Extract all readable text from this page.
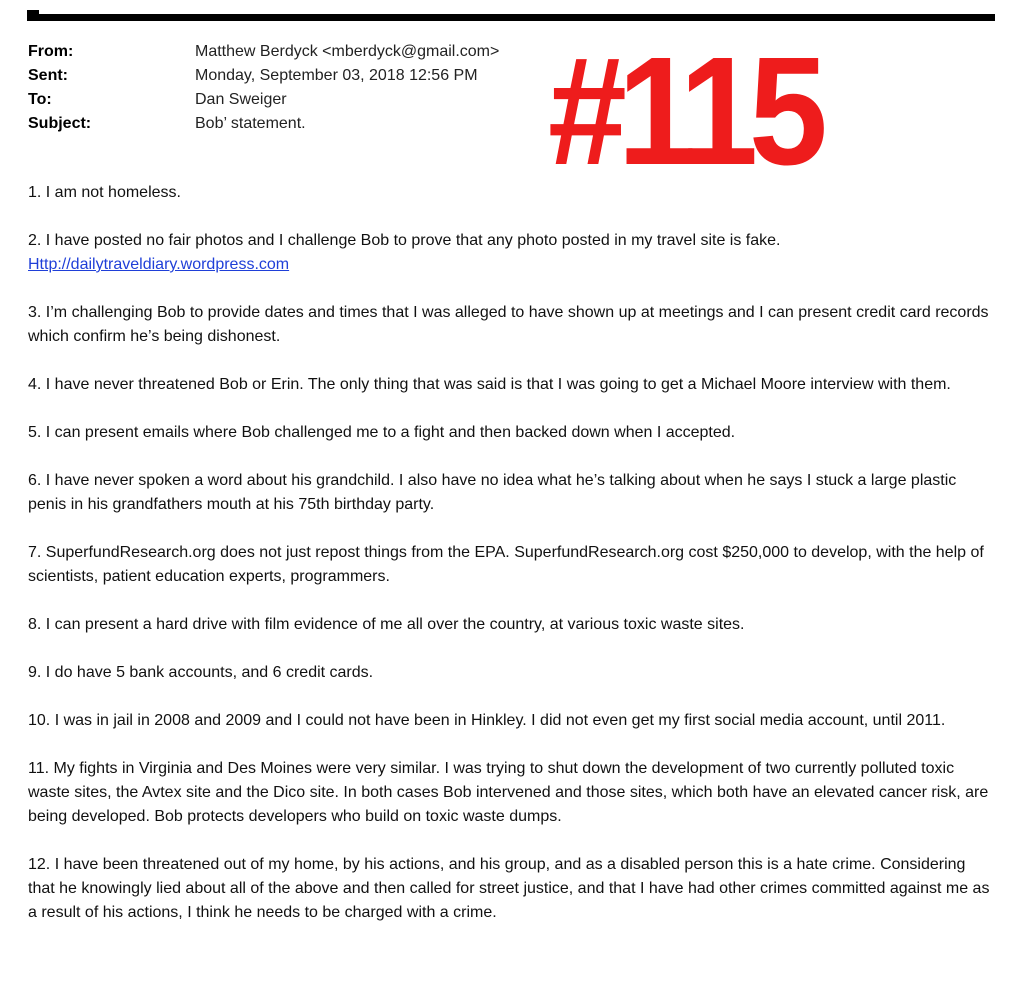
From:	Matthew Berdyck <mberdyck@gmail.com>
Sent:	Monday, September 03, 2018 12:56 PM
To:	Dan Sweiger
Subject:	Bob’ statement. #115

1. I am not homeless.

2. I have posted no fair photos and I challenge Bob to prove that any photo posted in my travel site is fake.
Http://dailytraveldiary.wordpress.com

3. I’m challenging Bob to provide dates and times that I was alleged to have shown up at meetings and I can present credit card records which confirm he’s being dishonest.

4. I have never threatened Bob or Erin. The only thing that was said is that I was going to get a Michael Moore interview with them.

5. I can present emails where Bob challenged me to a fight and then backed down when I accepted.

6. I have never spoken a word about his grandchild. I also have no idea what he’s talking about when he says I stuck a large plastic penis in his grandfathers mouth at his 75th birthday party.

7. SuperfundResearch.org does not just repost things from the EPA. SuperfundResearch.org cost $250,000 to develop, with the help of scientists, patient education experts, programmers.

8. I can present a hard drive with film evidence of me all over the country, at various toxic waste sites.

9. I do have 5 bank accounts, and 6 credit cards.

10. I was in jail in 2008 and 2009 and I could not have been in Hinkley. I did not even get my first social media account, until 2011.

11. My fights in Virginia and Des Moines were very similar. I was trying to shut down the development of two currently polluted toxic waste sites, the Avtex site and the Dico site. In both cases Bob intervened and those sites, which both have an elevated cancer risk, are being developed. Bob protects developers who build on toxic waste dumps.

12. I have been threatened out of my home, by his actions, and his group, and as a disabled person this is a hate crime. Considering that he knowingly lied about all of the above and then called for street justice, and that I have had other crimes committed against me as a result of his actions, I think he needs to be charged with a crime.
